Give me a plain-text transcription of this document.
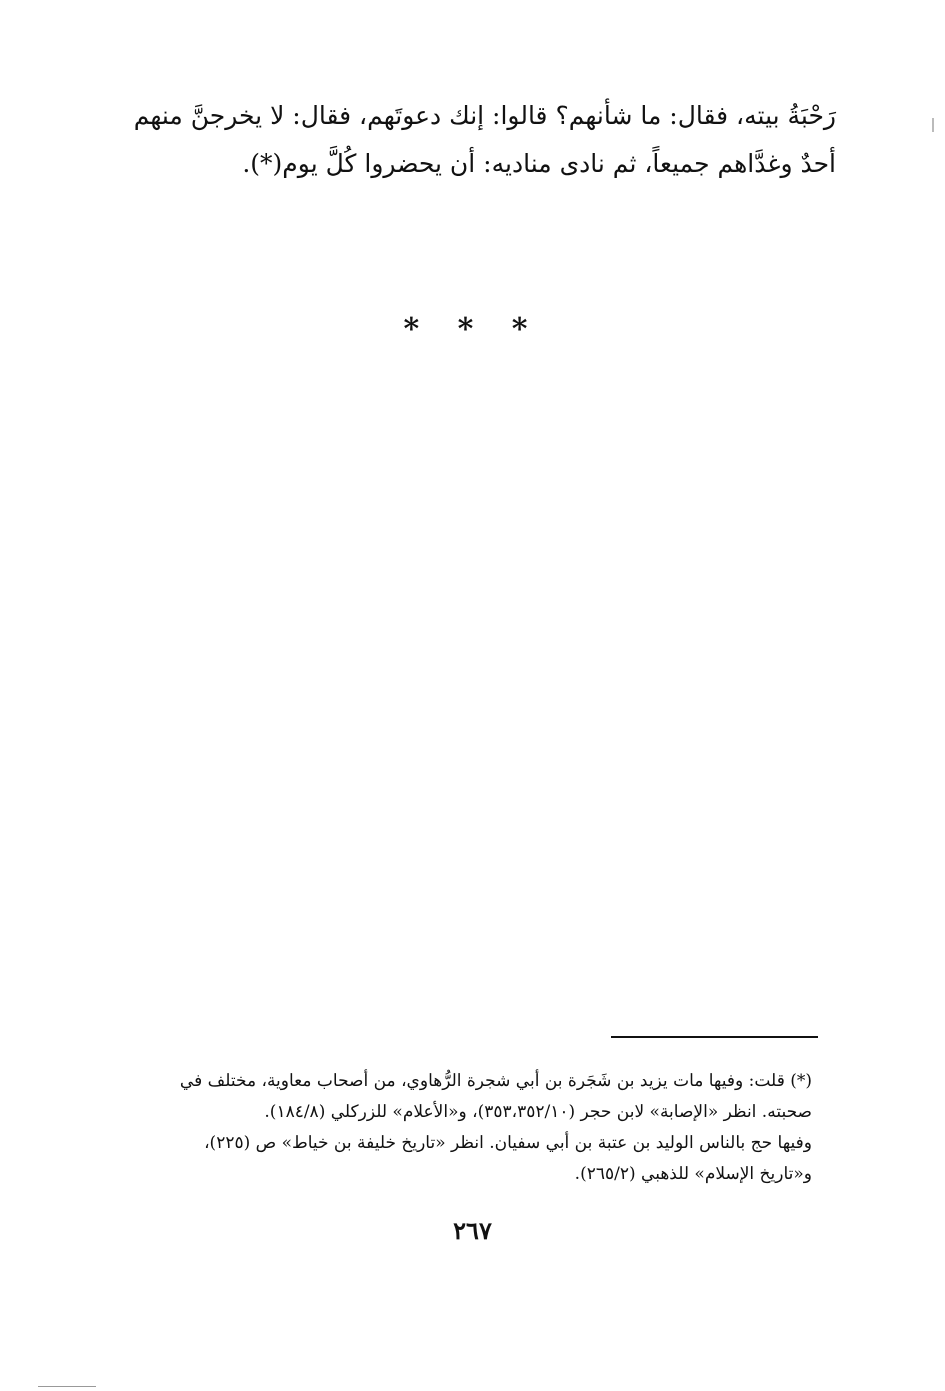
رَحْبَةُ بيته، فقال: ما شأنهم؟ قالوا: إنك دعوتَهم، فقال: لا يخرجنَّ منهم

أحدٌ وغدَّاهم جميعاً، ثم نادى مناديه: أن يحضروا كُلَّ يوم(*).

* * *

(*) قلت: وفيها مات يزيد بن شَجَرة بن أبي شجرة الرُّهاوي، من أصحاب معاوية، مختلف في

صحبته. انظر «الإصابة» لابن حجر (٣٥٣،٣٥٢/١٠)، و«الأعلام» للزركلي (١٨٤/٨).

وفيها حج بالناس الوليد بن عتبة بن أبي سفيان. انظر «تاريخ خليفة بن خياط» ص (٢٢٥)،

و«تاريخ الإسلام» للذهبي (٢٦٥/٢).

٢٦٧
